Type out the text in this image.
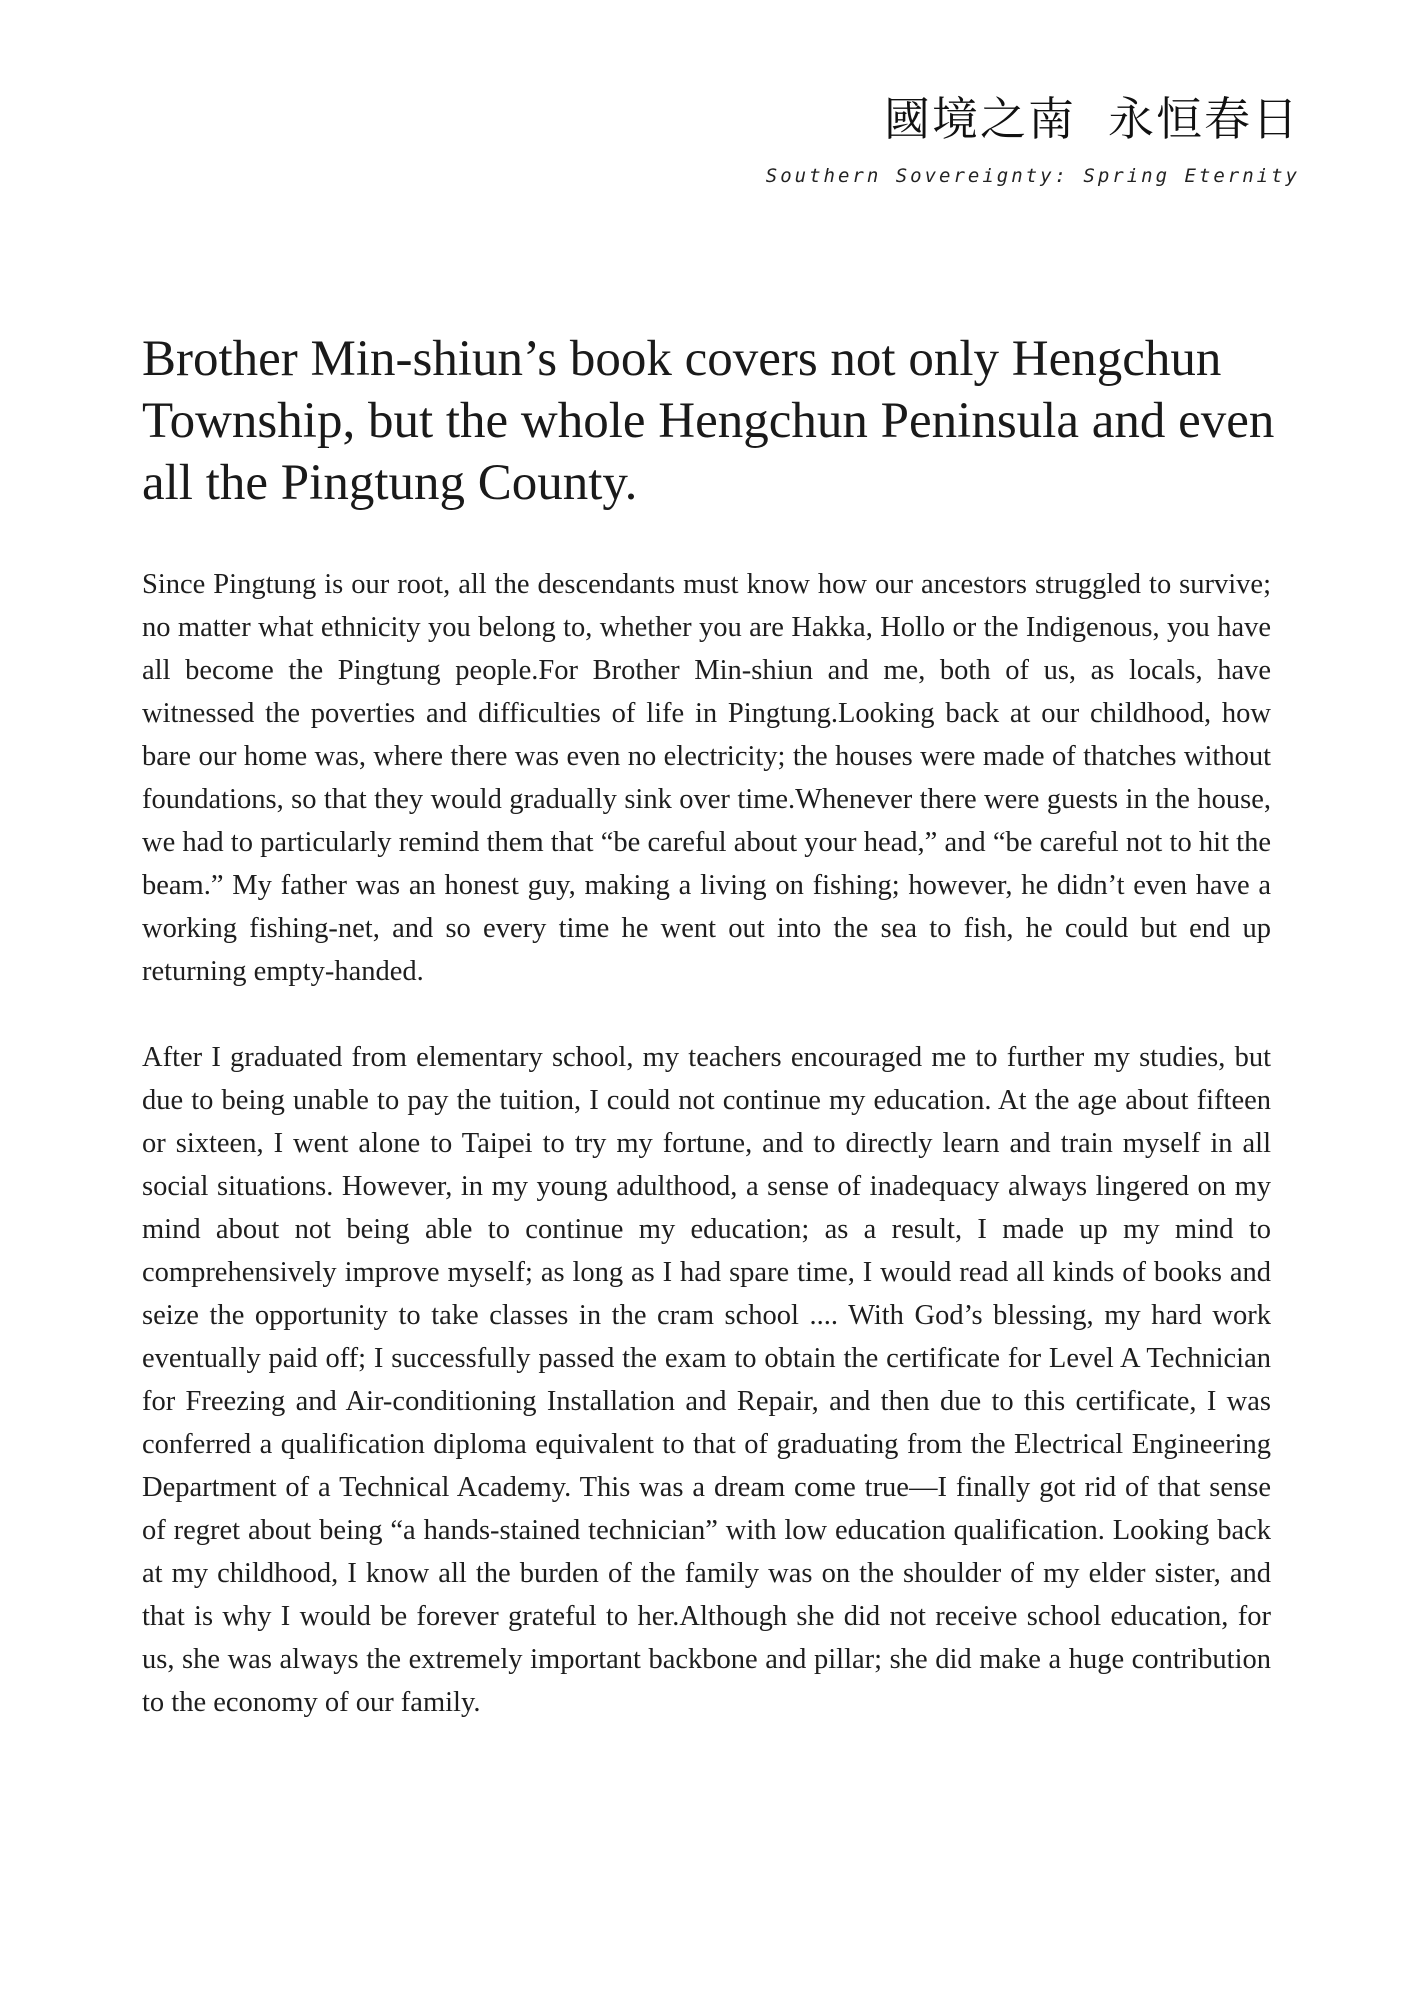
國境之南 永恒春日
Southern Sovereignty: Spring Eternity
Brother Min-shiun’s book covers not only Hengchun Township, but the whole Hengchun Peninsula and even all the Pingtung County.

Since Pingtung is our root, all the descendants must know how our ancestors struggled to survive; no matter what ethnicity you belong to, whether you are Hakka, Hollo or the Indigenous, you have all become the Pingtung people.For Brother Min-shiun and me, both of us, as locals, have witnessed the poverties and difficulties of life in Pingtung.Looking back at our childhood, how bare our home was, where there was even no electricity; the houses were made of thatches without foundations, so that they would gradually sink over time.Whenever there were guests in the house, we had to particularly remind them that “be careful about your head,” and “be careful not to hit the beam.” My father was an honest guy, making a living on fishing; however, he didn’t even have a working fishing-net, and so every time he went out into the sea to fish, he could but end up returning empty-handed.

After I graduated from elementary school, my teachers encouraged me to further my studies, but due to being unable to pay the tuition, I could not continue my education. At the age about fifteen or sixteen, I went alone to Taipei to try my fortune, and to directly learn and train myself in all social situations. However, in my young adulthood, a sense of inadequacy always lingered on my mind about not being able to continue my education; as a result, I made up my mind to comprehensively improve myself; as long as I had spare time, I would read all kinds of books and seize the opportunity to take classes in the cram school .... With God’s blessing, my hard work eventually paid off; I successfully passed the exam to obtain the certificate for Level A Technician for Freezing and Air-conditioning Installation and Repair, and then due to this certificate, I was conferred a qualification diploma equivalent to that of graduating from the Electrical Engineering Department of a Technical Academy. This was a dream come true—I finally got rid of that sense of regret about being “a hands-stained technician” with low education qualification. Looking back at my childhood, I know all the burden of the family was on the shoulder of my elder sister, and that is why I would be forever grateful to her.Although she did not receive school education, for us, she was always the extremely important backbone and pillar; she did make a huge contribution to the economy of our family.
